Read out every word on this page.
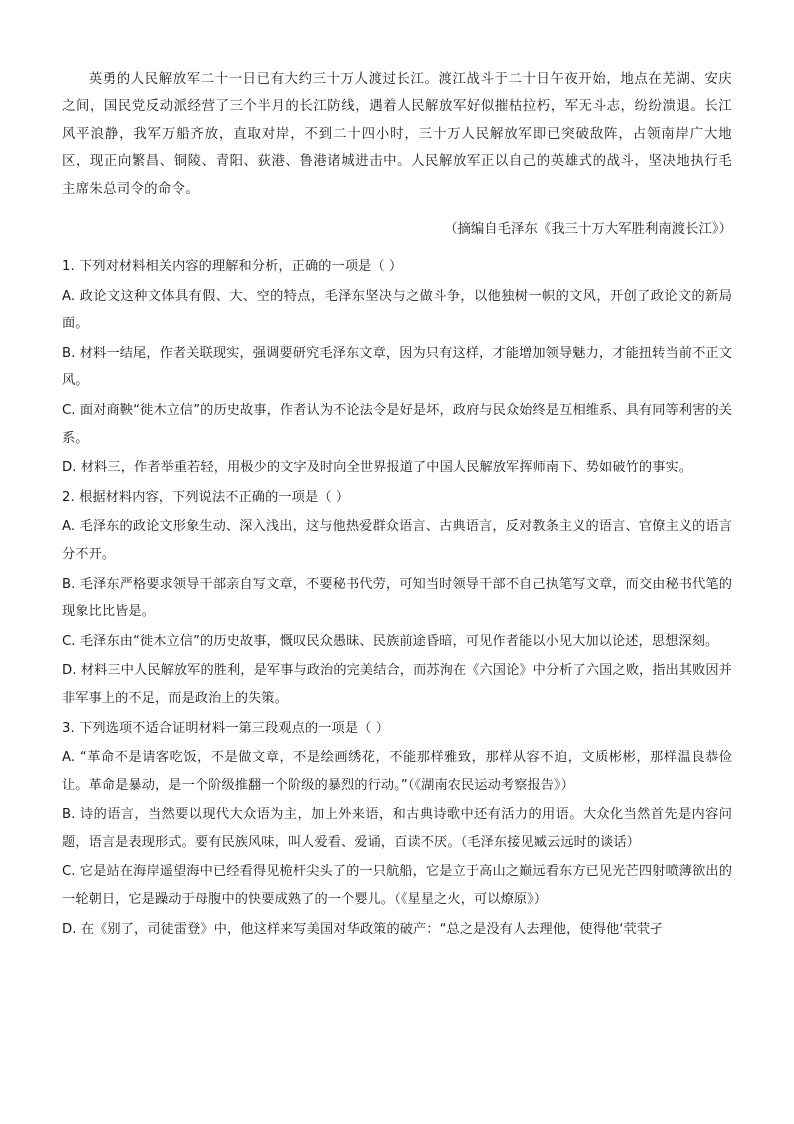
英勇的人民解放军二十一日已有大约三十万人渡过长江。渡江战斗于二十日午夜开始，地点在芜湖、安庆之间，国民党反动派经营了三个半月的长江防线，遇着人民解放军好似摧枯拉朽，军无斗志，纷纷溃退。长江风平浪静，我军万船齐放，直取对岸，不到二十四小时，三十万人民解放军即已突破敌阵，占领南岸广大地区，现正向繁昌、铜陵、青阳、荻港、鲁港诸城进击中。人民解放军正以自己的英雄式的战斗，坚决地执行毛主席朱总司令的命令。

（摘编自毛泽东《我三十万大军胜利南渡长江》）

1. 下列对材料相关内容的理解和分析，正确的一项是（ ）

A. 政论文这种文体具有假、大、空的特点，毛泽东坚决与之做斗争，以他独树一帜的文风，开创了政论文的新局面。

B. 材料一结尾，作者关联现实，强调要研究毛泽东文章，因为只有这样，才能增加领导魅力，才能扭转当前不正文风。

C. 面对商鞅“徙木立信”的历史故事，作者认为不论法令是好是坏，政府与民众始终是互相维系、具有同等利害的关系。

D. 材料三，作者举重若轻，用极少的文字及时向全世界报道了中国人民解放军挥师南下、势如破竹的事实。

2. 根据材料内容，下列说法不正确的一项是（ ）

A. 毛泽东的政论文形象生动、深入浅出，这与他热爱群众语言、古典语言，反对教条主义的语言、官僚主义的语言分不开。

B. 毛泽东严格要求领导干部亲自写文章，不要秘书代劳，可知当时领导干部不自己执笔写文章，而交由秘书代笔的现象比比皆是。

C. 毛泽东由“徙木立信”的历史故事，慨叹民众愚昧、民族前途昏暗，可见作者能以小见大加以论述，思想深刻。

D. 材料三中人民解放军的胜利，是军事与政治的完美结合，而苏洵在《六国论》中分析了六国之败，指出其败因并非军事上的不足，而是政治上的失策。

3. 下列选项不适合证明材料一第三段观点的一项是（ ）

A. “革命不是请客吃饭，不是做文章，不是绘画绣花，不能那样雅致，那样从容不迫，文质彬彬，那样温良恭俭让。革命是暴动，是一个阶级推翻一个阶级的暴烈的行动。”（《湖南农民运动考察报告》）

B. 诗的语言，当然要以现代大众语为主，加上外来语，和古典诗歌中还有活力的用语。大众化当然首先是内容问题，语言是表现形式。要有民族风味，叫人爱看、爱诵，百读不厌。（毛泽东接见臧云远时的谈话）

C. 它是站在海岸遥望海中已经看得见桅杆尖头了的一只航船，它是立于高山之巅远看东方已见光芒四射喷薄欲出的一轮朝日，它是躁动于母腹中的快要成熟了的一个婴儿。（《星星之火，可以燎原》）

D. 在《别了，司徒雷登》中，他这样来写美国对华政策的破产：“总之是没有人去理他，使得他‘茕茕孑
